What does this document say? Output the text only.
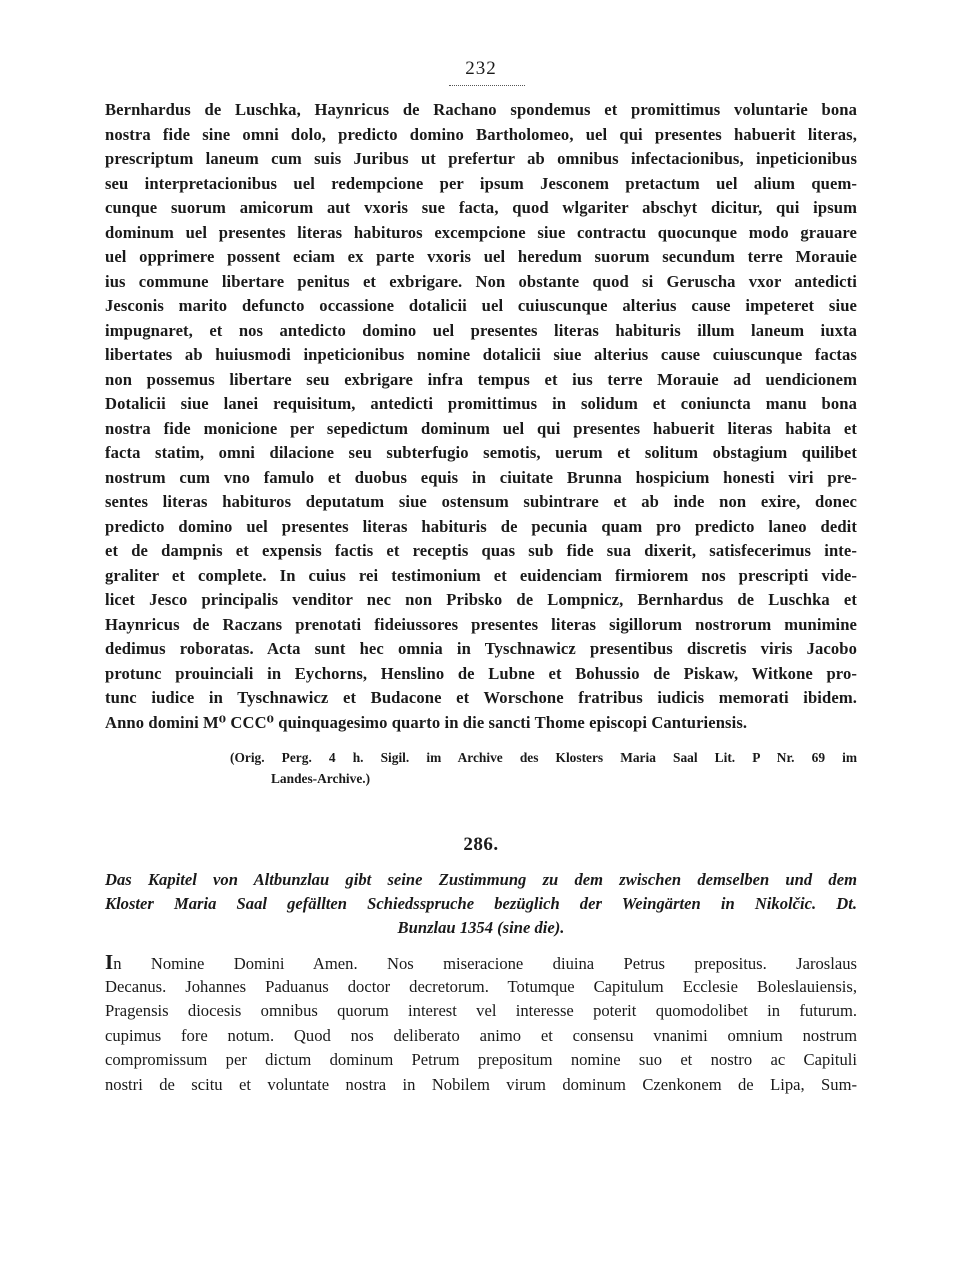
232
Bernhardus de Luschka, Haynricus de Rachano spondemus et promittimus voluntarie bona
nostra fide sine omni dolo, predicto domino Bartholomeo, uel qui presentes habuerit literas,
prescriptum laneum cum suis Juribus ut prefertur ab omnibus infectacionibus, inpeticionibus
seu interpretacionibus uel redempcione per ipsum Jesconem pretactum uel alium quem-
cunque suorum amicorum aut vxoris sue facta, quod wlgariter abschyt dicitur, qui ipsum
dominum uel presentes literas habituros excempcione siue contractu quocunque modo grauare
uel opprimere possent eciam ex parte vxoris uel heredum suorum secundum terre Morauie
ius commune libertare penitus et exbrigare. Non obstante quod si Geruscha vxor antedicti
Jesconis marito defuncto occassione dotalicii uel cuiuscunque alterius cause impeteret siue
impugnaret, et nos antedicto domino uel presentes literas habituris illum laneum iuxta
libertates ab huiusmodi inpeticionibus nomine dotalicii siue alterius cause cuiuscunque factas
non possemus libertare seu exbrigare infra tempus et ius terre Morauie ad uendicionem
Dotalicii siue lanei requisitum, antedicti promittimus in solidum et coniuncta manu bona
nostra fide monicione per sepedictum dominum uel qui presentes habuerit literas habita et
facta statim, omni dilacione seu subterfugio semotis, uerum et solitum obstagium quilibet
nostrum cum vno famulo et duobus equis in ciuitate Brunna hospicium honesti viri pre-
sentes literas habituros deputatum siue ostensum subintrare et ab inde non exire, donec
predicto domino uel presentes literas habituris de pecunia quam pro predicto laneo dedit
et de dampnis et expensis factis et receptis quas sub fide sua dixerit, satisfecerimus inte-
graliter et complete. In cuius rei testimonium et euidenciam firmiorem nos prescripti vide-
licet Jesco principalis venditor nec non Pribsko de Lompnicz, Bernhardus de Luschka et
Haynricus de Raczans prenotati fideiussores presentes literas sigillorum nostrorum munimine
dedimus roboratas. Acta sunt hec omnia in Tyschnawicz presentibus discretis viris Jacobo
protunc prouinciali in Eychorns, Henslino de Lubne et Bohussio de Piskaw, Witkone pro-
tunc iudice in Tyschnawicz et Budacone et Worschone fratribus iudicis memorati ibidem.
Anno domini M⁰ CCC⁰ quinquagesimo quarto in die sancti Thome episcopi Canturiensis.
(Orig. Perg. 4 h. Sigil. im Archive des Klosters Maria Saal Lit. P Nr. 69 im
Landes-Archive.)
286.
Das Kapitel von Altbunzlau gibt seine Zustimmung zu dem zwischen demselben und dem
Kloster Maria Saal gefällten Schiedsspruche bezüglich der Weingärten in Nikolčic. Dt.
Bunzlau 1354 (sine die).
In Nomine Domini Amen. Nos miseracione diuina Petrus prepositus. Jaroslaus
Decanus. Johannes Paduanus doctor decretorum. Totumque Capitulum Ecclesie Boleslauiensis,
Pragensis diocesis omnibus quorum interest vel interesse poterit quomodolibet in futurum.
cupimus fore notum. Quod nos deliberato animo et consensu vnanimi omnium nostrum
compromissum per dictum dominum Petrum prepositum nomine suo et nostro ac Capituli
nostri de scitu et voluntate nostra in Nobilem virum dominum Czenkonem de Lipa, Sum-
